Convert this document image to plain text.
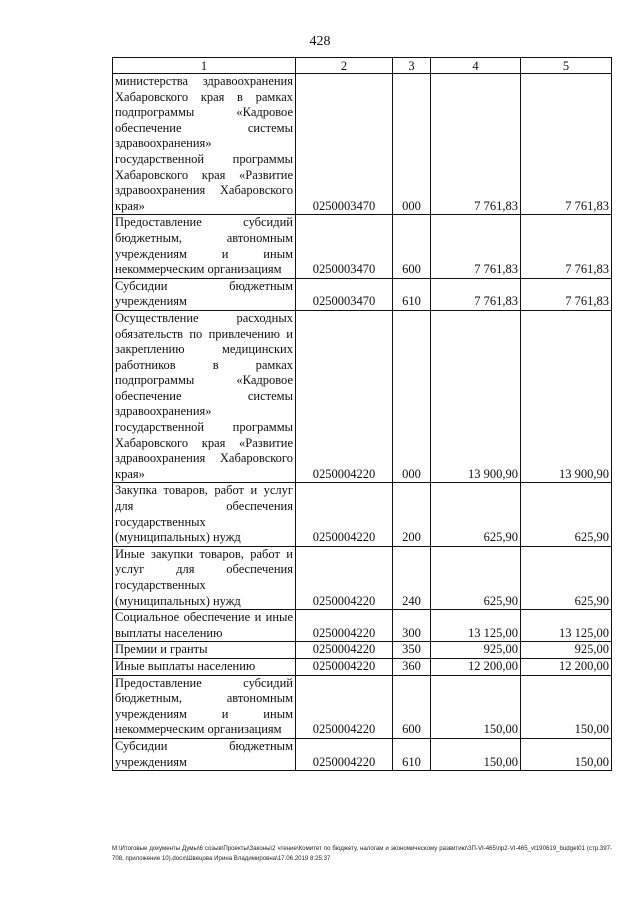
428
1	2	3	4	5
министерства здравоохранения Хабаровского края в рамках подпрограммы «Кадровое обеспечение системы здравоохранения» государственной программы Хабаровского края «Развитие здравоохранения Хабаровского края»	0250003470	000	7 761,83	7 761,83
Предоставление субсидий бюджетным, автономным учреждениям и иным некоммерческим организациям	0250003470	600	7 761,83	7 761,83
Субсидии бюджетным учреждениям	0250003470	610	7 761,83	7 761,83
Осуществление расходных обязательств по привлечению и закреплению медицинских работников в рамках подпрограммы «Кадровое обеспечение системы здравоохранения» государственной программы Хабаровского края «Развитие здравоохранения Хабаровского края»	0250004220	000	13 900,90	13 900,90
Закупка товаров, работ и услуг для обеспечения государственных (муниципальных) нужд	0250004220	200	625,90	625,90
Иные закупки товаров, работ и услуг для обеспечения государственных (муниципальных) нужд	0250004220	240	625,90	625,90
Социальное обеспечение и иные выплаты населению	0250004220	300	13 125,00	13 125,00
Премии и гранты	0250004220	350	925,00	925,00
Иные выплаты населению	0250004220	360	12 200,00	12 200,00
Предоставление субсидий бюджетным, автономным учреждениям и иным некоммерческим организациям	0250004220	600	150,00	150,00
Субсидии бюджетным учреждениям	0250004220	610	150,00	150,00
М:\Итоговые документы Думы\6 созыв\Проекты\Законы\2 чтение\Комитет по бюджету, налогам и экономическому развитию\ЗП-VI-465\пр2-VI-465_vt190619_budget01 (стр.397-708, приложение 10).docx\Швецова Ирина Владимировна\17.06.2019 8:25:37
